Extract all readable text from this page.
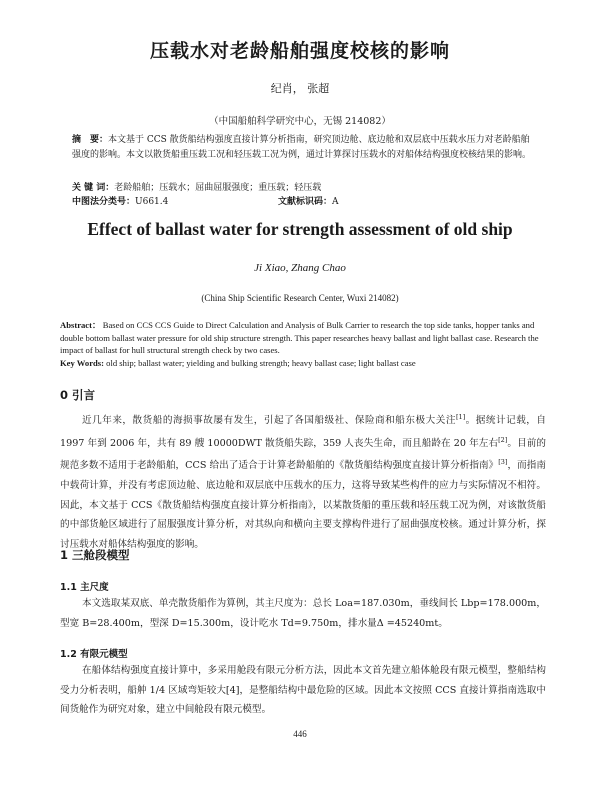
压载水对老龄船舶强度校核的影响
纪肖， 张超
（中国船舶科学研究中心，无锡 214082）
摘　要：本文基于 CCS 散货船结构强度直接计算分析指南，研究顶边舱、底边舱和双层底中压载水压力对老龄船舶强度的影响。本文以散货船重压载工况和轻压载工况为例，通过计算探讨压载水的对船体结构强度校核结果的影响。
关 键 词：老龄船舶；压载水；屈曲屈服强度；重压载；轻压载
中图法分类号：U661.4	文献标识码：A
Effect of ballast water for strength assessment of old ship
Ji Xiao, Zhang Chao
(China Ship Scientific Research Center, Wuxi 214082)
Abstract： Based on CCS CCS Guide to Direct Calculation and Analysis of Bulk Carrier to research the top side tanks, hopper tanks and double bottom ballast water pressure for old ship structure strength. This paper researches heavy ballast and light ballast case. Research the impact of ballast for hull structural strength check by two cases.
Key Words: old ship; ballast water; yielding and bulking strength; heavy ballast case; light ballast case
0 引言
近几年来，散货船的海损事故屡有发生，引起了各国船级社、保险商和船东极大关注[1]。据统计记载，自 1997 年到 2006 年，共有 89 艘 10000DWT 散货船失踪，359 人丧失生命，而且船龄在 20 年左右[2]。目前的规范多数不适用于老龄船舶，CCS 给出了适合于计算老龄船舶的《散货船结构强度直接计算分析指南》[3]，而指南中载荷计算，并没有考虑顶边舱、底边舱和双层底中压载水的压力，这将导致某些构件的应力与实际情况不相符。因此，本文基于 CCS《散货船结构强度直接计算分析指南》，以某散货船的重压载和轻压载工况为例，对该散货船的中部货舱区域进行了屈服强度计算分析，对其纵向和横向主要支撑构件进行了屈曲强度校核。通过计算分析，探讨压载水对船体结构强度的影响。
1 三舱段模型
1.1 主尺度
本文选取某双底、单壳散货船作为算例，其主尺度为：总长 Loa=187.030m，垂线间长 Lbp=178.000m，型宽 B=28.400m，型深 D=15.300m，设计吃水 Td=9.750m，排水量Δ =45240mt。
1.2 有限元模型
在船体结构强度直接计算中，多采用舱段有限元分析方法，因此本文首先建立船体舱段有限元模型，整船结构受力分析表明，船舯 1/4 区域弯矩较大[4]，是整船结构中最危险的区域。因此本文按照 CCS 直接计算指南选取中间货舱作为研究对象，建立中间舱段有限元模型。
446
